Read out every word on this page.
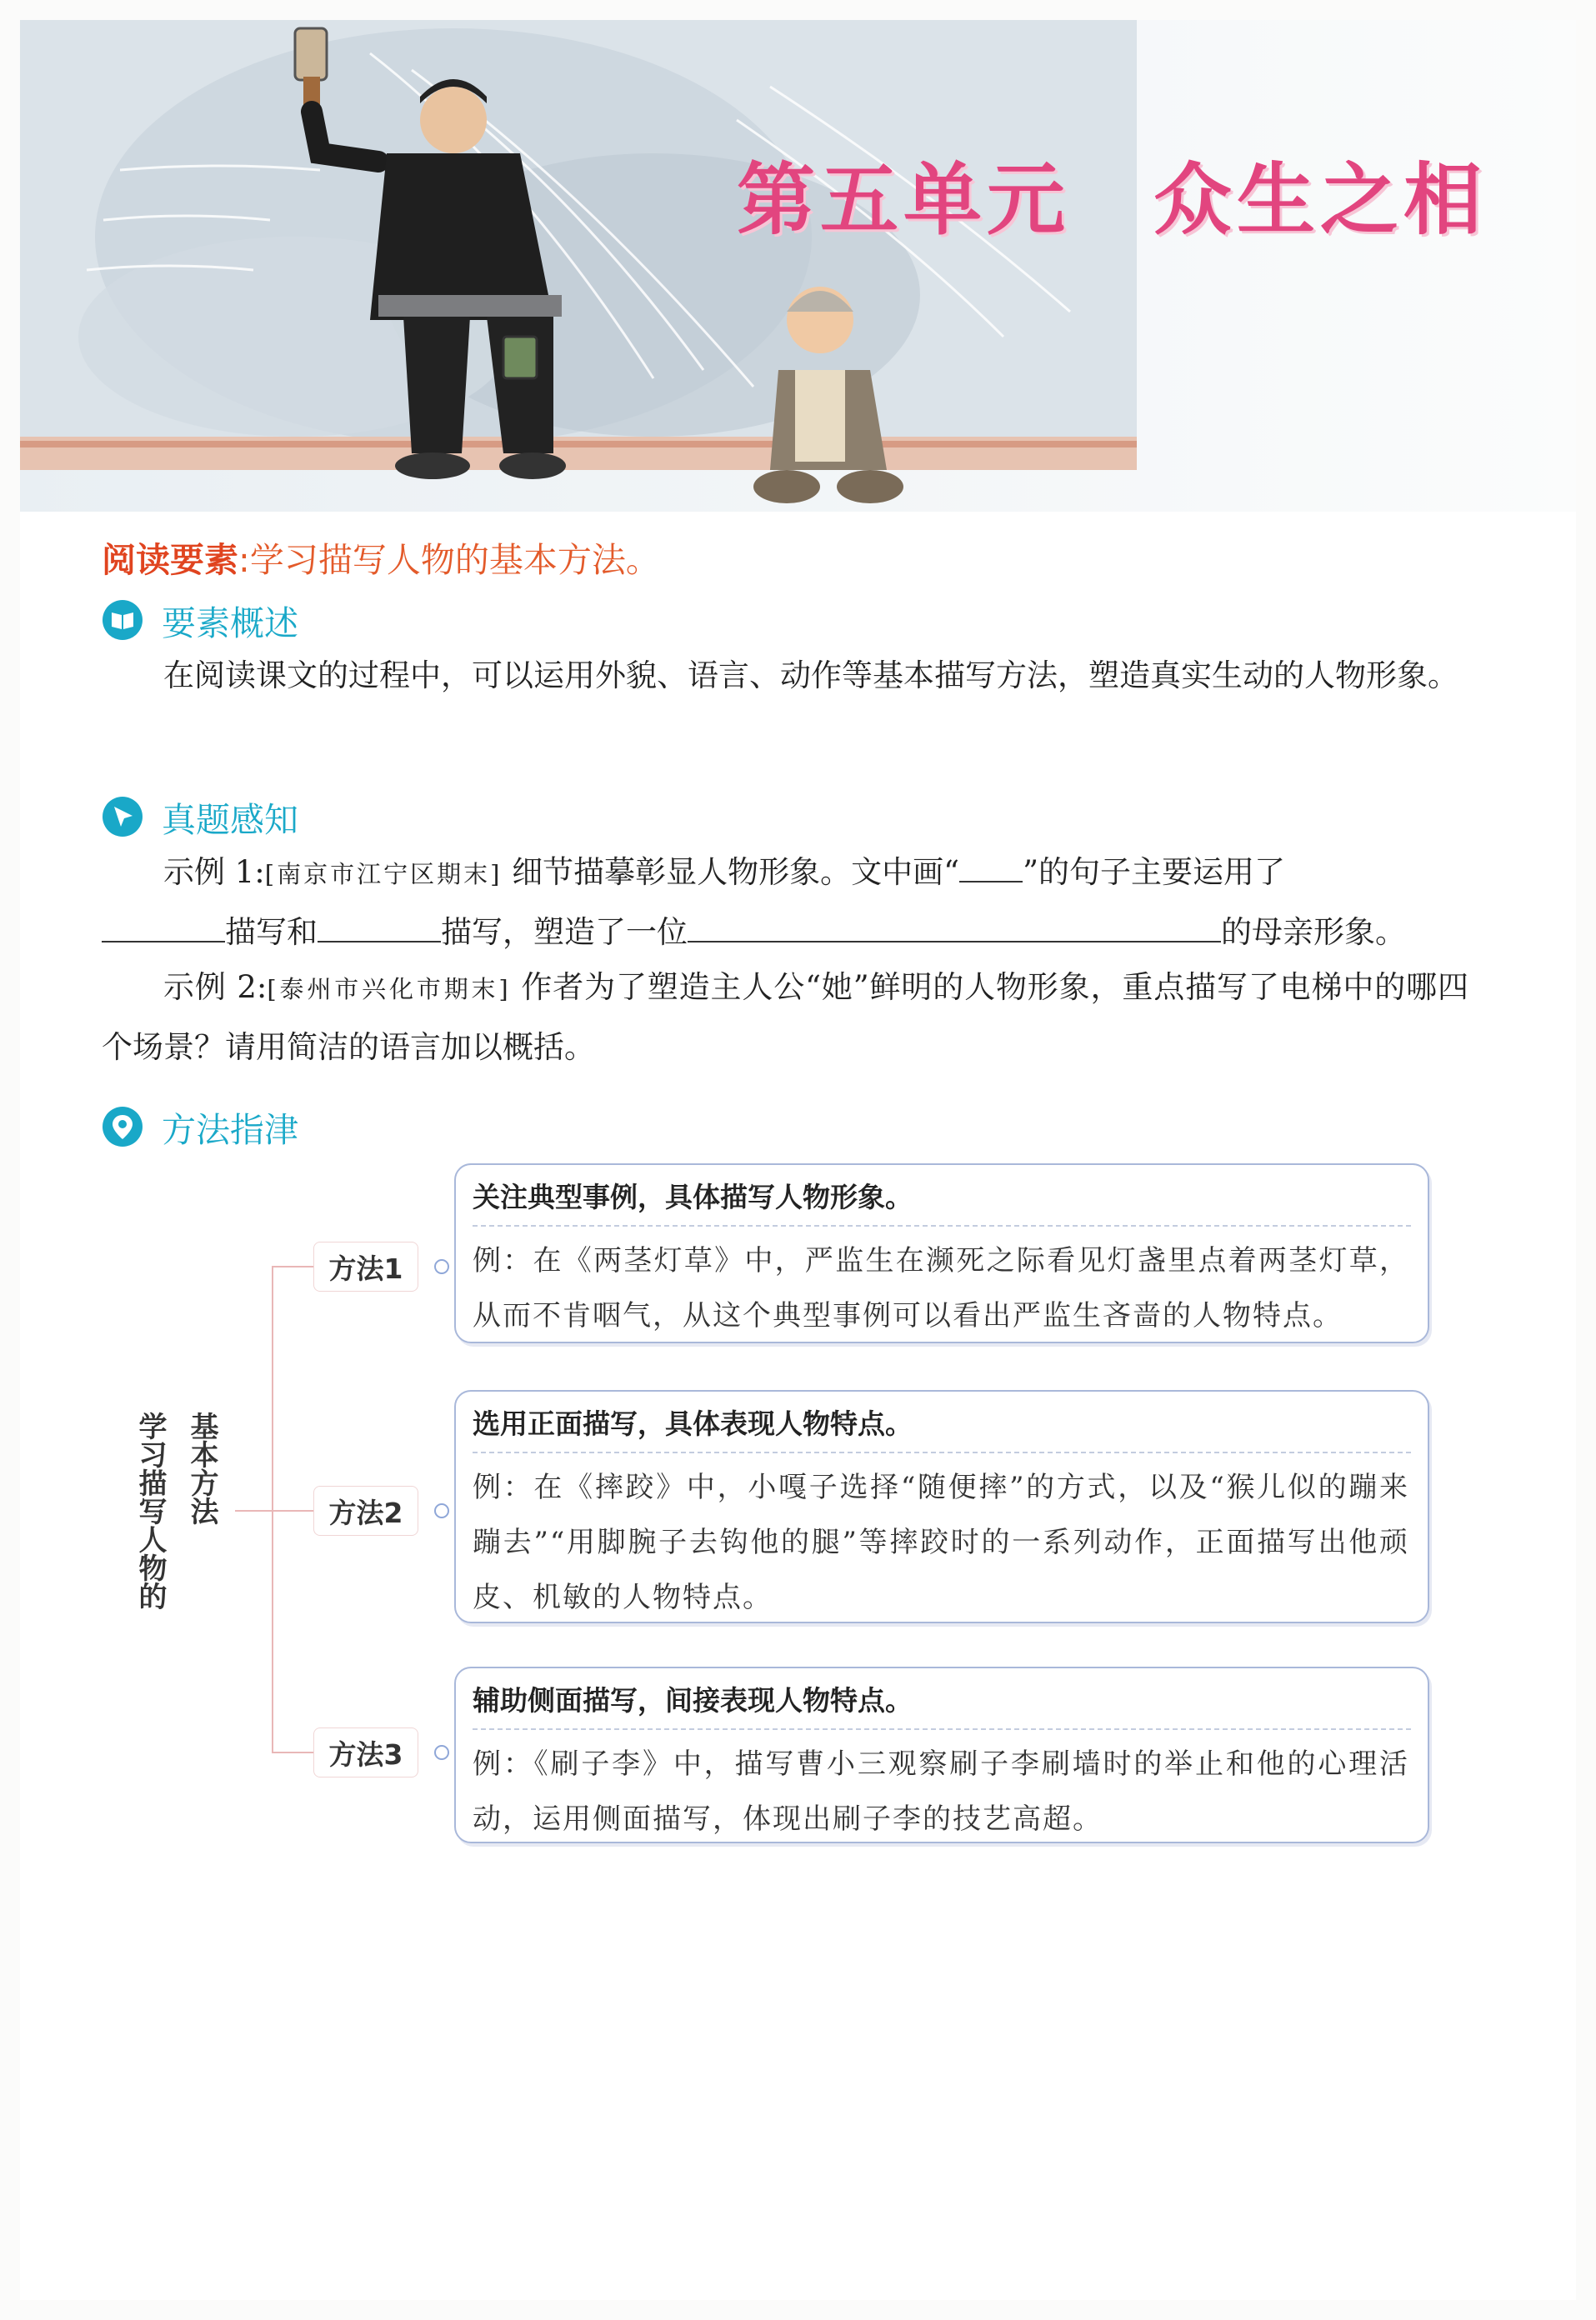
第五单元　众生之相
阅读要素:学习描写人物的基本方法。
要素概述
在阅读课文的过程中，可以运用外貌、语言、动作等基本描写方法，塑造真实生动的人物形象。
真题感知
示例 1:[南京市江宁区期末] 细节描摹彰显人物形象。文中画“ ”的句子主要运用了
描写和	描写，塑造了一位	的母亲形象。
示例 2:[泰州市兴化市期末] 作者为了塑造主人公“她”鲜明的人物形象，重点描写了电梯中的哪四个场景？请用简洁的语言加以概括。
方法指津
基本方法
学习描写人物的
方法1
关注典型事例，具体描写人物形象。
例：在《两茎灯草》中，严监生在濒死之际看见灯盏里点着两茎灯草，从而不肯咽气，从这个典型事例可以看出严监生吝啬的人物特点。
方法2
选用正面描写，具体表现人物特点。
例：在《摔跤》中，小嘎子选择“随便摔”的方式，以及“猴儿似的蹦来蹦去”“用脚腕子去钩他的腿”等摔跤时的一系列动作，正面描写出他顽皮、机敏的人物特点。
方法3
辅助侧面描写，间接表现人物特点。
例：《刷子李》中，描写曹小三观察刷子李刷墙时的举止和他的心理活动，运用侧面描写，体现出刷子李的技艺高超。
